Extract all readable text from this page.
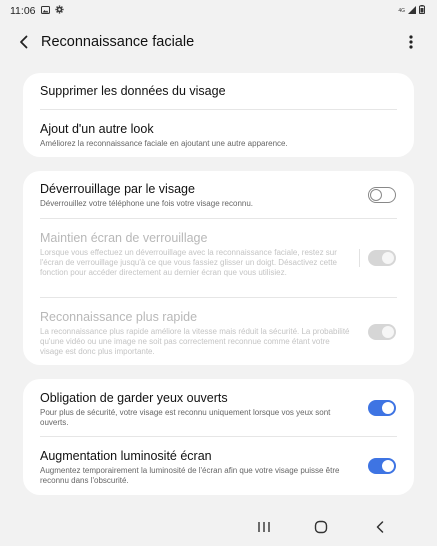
11:06	4G
Reconnaissance faciale
Supprimer les données du visage
Ajout d'un autre look
Améliorez la reconnaissance faciale en ajoutant une autre apparence.
Déverrouillage par le visage
Déverrouillez votre téléphone une fois votre visage reconnu.
Maintien écran de verrouillage
Lorsque vous effectuez un déverrouillage avec la reconnaissance faciale, restez sur l'écran de verrouillage jusqu'à ce que vous fassiez glisser un doigt. Désactivez cette fonction pour accéder directement au dernier écran que vous utilisiez.
Reconnaissance plus rapide
La reconnaissance plus rapide améliore la vitesse mais réduit la sécurité. La probabilité qu'une vidéo ou une image ne soit pas correctement reconnue comme étant votre visage est donc plus importante.
Obligation de garder yeux ouverts
Pour plus de sécurité, votre visage est reconnu uniquement lorsque vos yeux sont ouverts.
Augmentation luminosité écran
Augmentez temporairement la luminosité de l'écran afin que votre visage puisse être reconnu dans l'obscurité.
